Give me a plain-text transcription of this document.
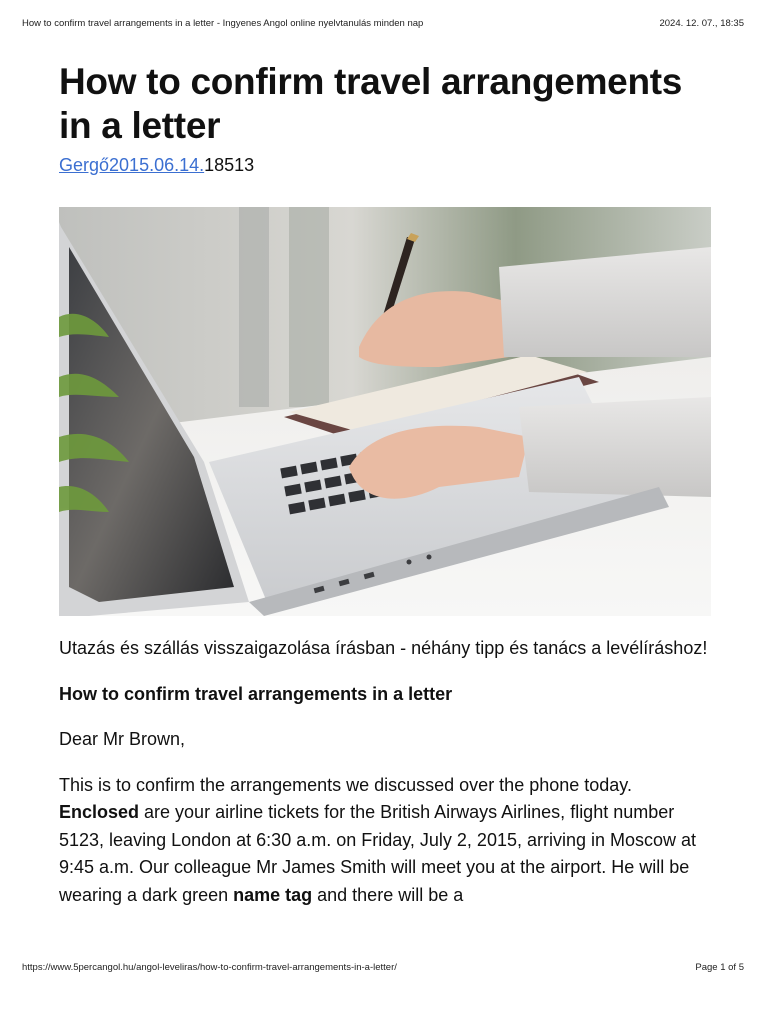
How to confirm travel arrangements in a letter - Ingyenes Angol online nyelvtanulás minden nap	2024. 12. 07., 18:35
How to confirm travel arrangements in a letter
Gergő2015.06.14.18513

Utazás és szállás visszaigazolása írásban - néhány tipp és tanács a levélíráshoz!

How to confirm travel arrangements in a letter

Dear Mr Brown,

This is to confirm the arrangements we discussed over the phone today. Enclosed are your airline tickets for the British Airways Airlines, flight number 5123, leaving London at 6:30 a.m. on Friday, July 2, 2015, arriving in Moscow at 9:45 a.m. Our colleague Mr James Smith will meet you at the airport. He will be wearing a dark green name tag and there will be a

https://www.5percangol.hu/angol-leveliras/how-to-confirm-travel-arrangements-in-a-letter/	Page 1 of 5
